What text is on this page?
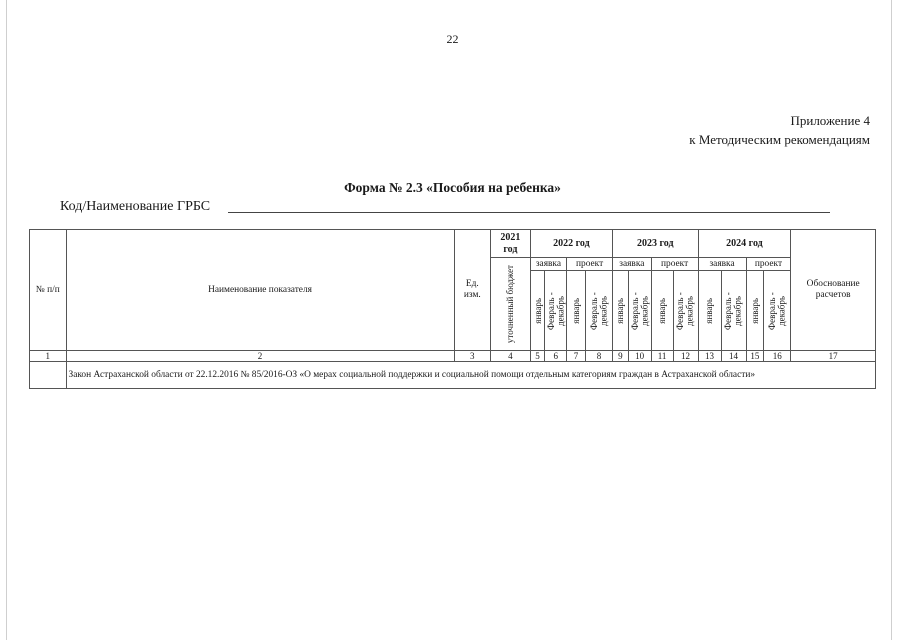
22
Приложение 4
к Методическим рекомендациям
Форма № 2.3 «Пособия на ребенка»
Код/Наименование ГРБС
№ п/п	Наименование показателя	Ед. изм.	2021 год	2022 год				2023 год				2024 год				Обоснование расчетов

			уточненный бюджет	заявка		проект		заявка		проект		заявка		проект		

				январь	Февраль - декабрь	январь	Февраль - декабрь	январь	Февраль - декабрь	январь	Февраль - декабрь	январь	Февраль - декабрь	январь	Февраль - декабрь	

1	2	3	4	5	6	7	8	9	10	11	12	13	14	15	16	17
	Закон Астраханской области от 22.12.2016 № 85/2016-ОЗ «О мерах социальной поддержки и социальной помощи отдельным категориям граждан в Астраханской области»															
